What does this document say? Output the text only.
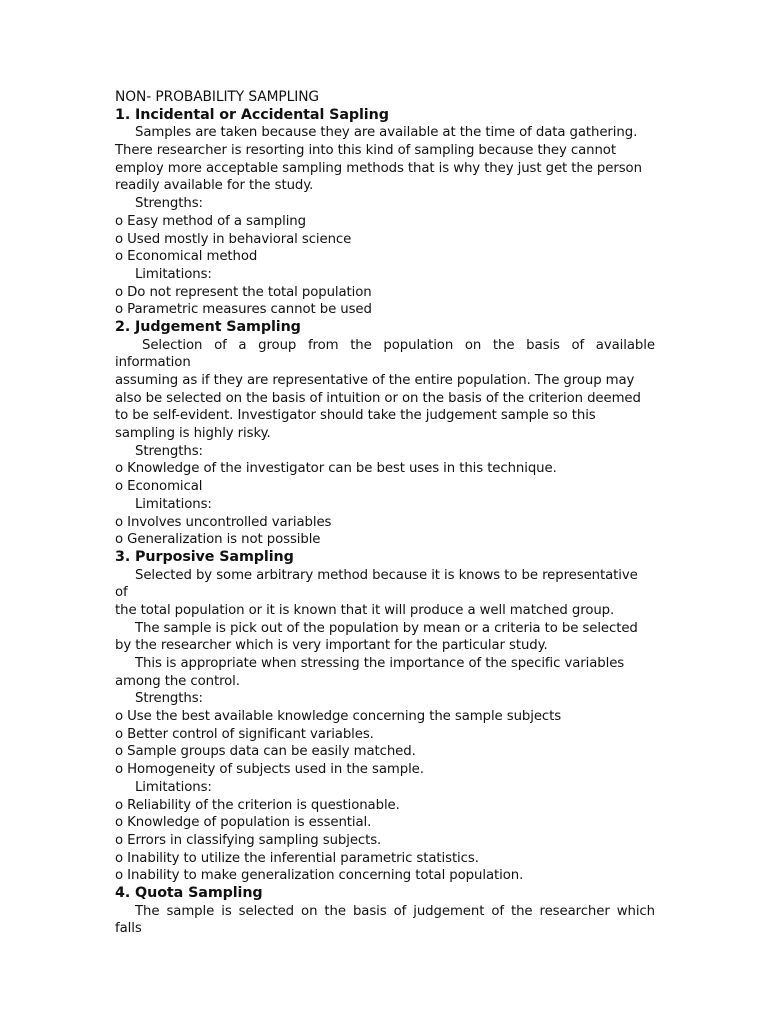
NON- PROBABILITY SAMPLING
1. Incidental or Accidental Sapling
Samples are taken because they are available at the time of data gathering.
There researcher is resorting into this kind of sampling because they cannot
employ more acceptable sampling methods that is why they just get the person
readily available for the study.
Strengths:
o Easy method of a sampling
o Used mostly in behavioral science
o Economical method
Limitations:
o Do not represent the total population
o Parametric measures cannot be used
2. Judgement Sampling
Selection of a group from the population on the basis of available
information
assuming as if they are representative of the entire population. The group may
also be selected on the basis of intuition or on the basis of the criterion deemed
to be self-evident. Investigator should take the judgement sample so this
sampling is highly risky.
Strengths:
o Knowledge of the investigator can be best uses in this technique.
o Economical
Limitations:
o Involves uncontrolled variables
o Generalization is not possible
3. Purposive Sampling
Selected by some arbitrary method because it is knows to be representative
of
the total population or it is known that it will produce a well matched group.
The sample is pick out of the population by mean or a criteria to be selected
by the researcher which is very important for the particular study.
This is appropriate when stressing the importance of the specific variables
among the control.
Strengths:
o Use the best available knowledge concerning the sample subjects
o Better control of significant variables.
o Sample groups data can be easily matched.
o Homogeneity of subjects used in the sample.
Limitations:
o Reliability of the criterion is questionable.
o Knowledge of population is essential.
o Errors in classifying sampling subjects.
o Inability to utilize the inferential parametric statistics.
o Inability to make generalization concerning total population.
4. Quota Sampling
The sample is selected on the basis of judgement of the researcher which
falls
